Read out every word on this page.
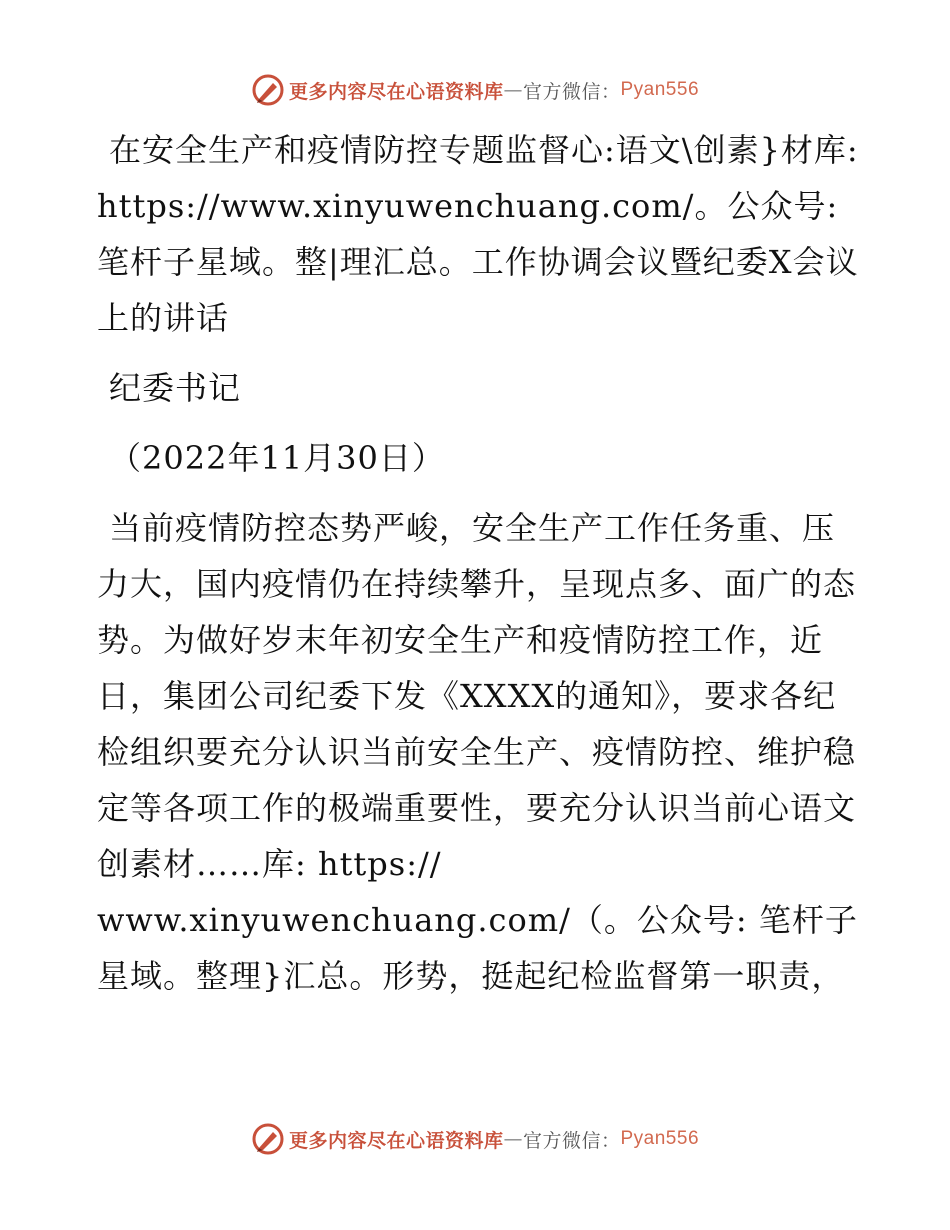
更多内容尽在心语资料库 — 官方微信： Pyan556

在安全生产和疫情防控专题监督心:语文\创素}材库: https://www.xinyuwenchuang.com/。公众号: 笔杆子星域。整|理汇总。工作协调会议暨纪委X会议上的讲话

纪委书记

（2022年11月30日）

当前疫情防控态势严峻，安全生产工作任务重、压力大，国内疫情仍在持续攀升，呈现点多、面广的态势。为做好岁末年初安全生产和疫情防控工作，近日，集团公司纪委下发《XXXX的通知》，要求各纪检组织要充分认识当前安全生产、疫情防控、维护稳定等各项工作的极端重要性，要充分认识当前心语文创素材……库: https:// www.xinyuwenchuang.com/（。公众号: 笔杆子星域。整理}汇总。形势，挺起纪检监督第一职责，

更多内容尽在心语资料库 — 官方微信： Pyan556
